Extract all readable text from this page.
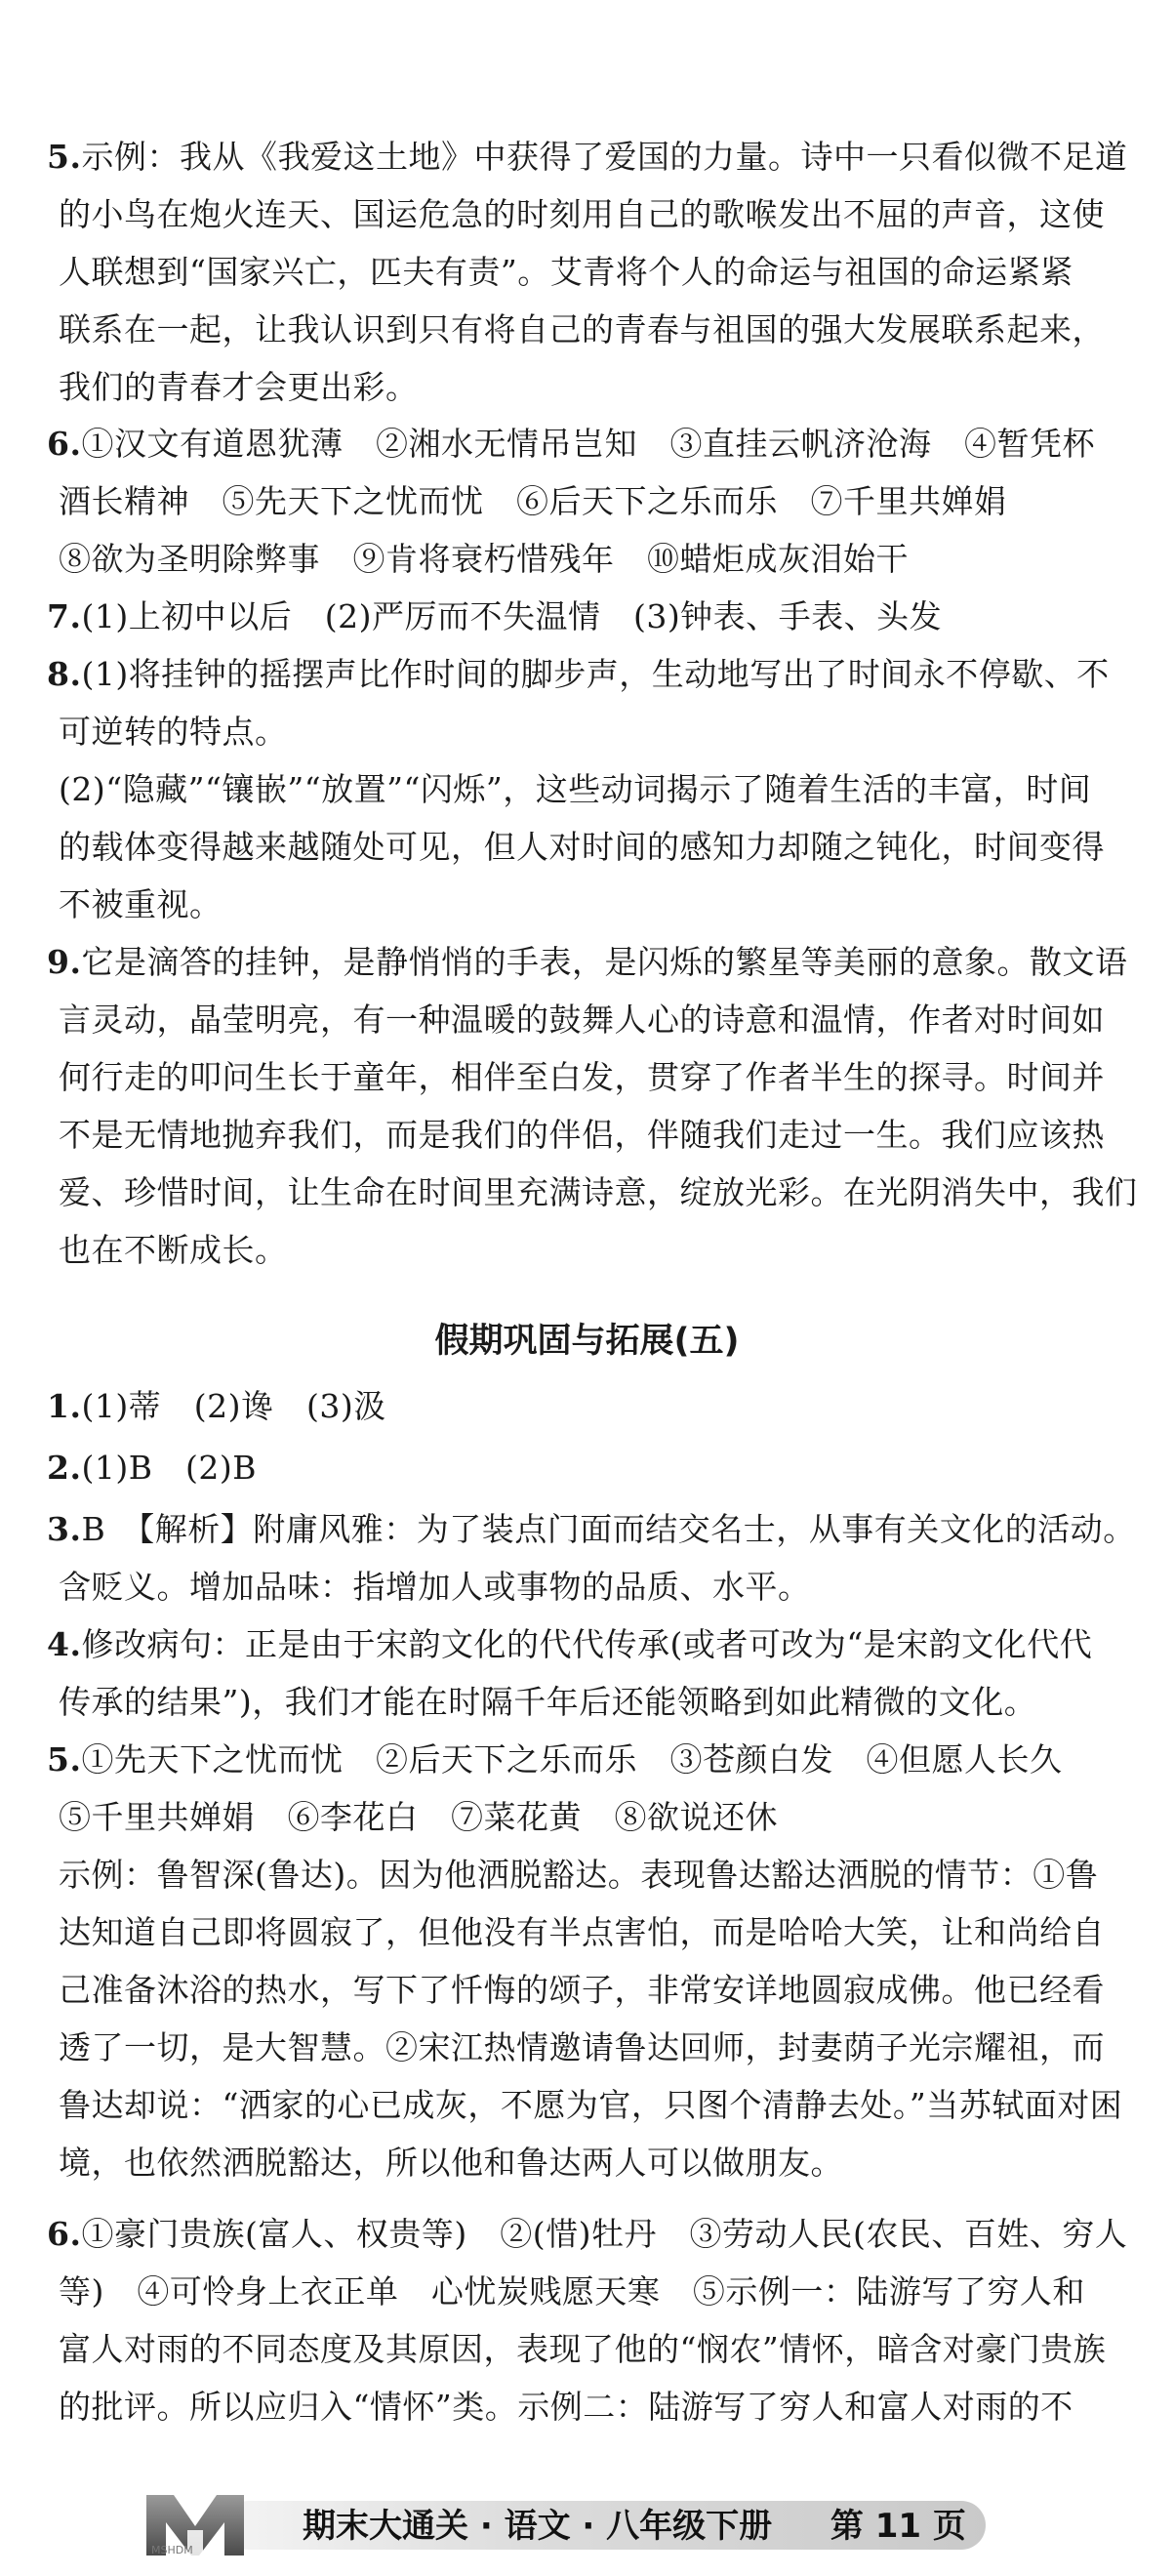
5.示例：我从《我爱这土地》中获得了爱国的力量。诗中一只看似微不足道
的小鸟在炮火连天、国运危急的时刻用自己的歌喉发出不屈的声音，这使
人联想到“国家兴亡，匹夫有责”。艾青将个人的命运与祖国的命运紧紧
联系在一起，让我认识到只有将自己的青春与祖国的强大发展联系起来，
我们的青春才会更出彩。
6.①汉文有道恩犹薄　②湘水无情吊岂知　③直挂云帆济沧海　④暂凭杯
酒长精神　⑤先天下之忧而忧　⑥后天下之乐而乐　⑦千里共婵娟
⑧欲为圣明除弊事　⑨肯将衰朽惜残年　⑩蜡炬成灰泪始干
7.(1)上初中以后　(2)严厉而不失温情　(3)钟表、手表、头发
8.(1)将挂钟的摇摆声比作时间的脚步声，生动地写出了时间永不停歇、不
可逆转的特点。
(2)“隐藏”“镶嵌”“放置”“闪烁”，这些动词揭示了随着生活的丰富，时间
的载体变得越来越随处可见，但人对时间的感知力却随之钝化，时间变得
不被重视。
9.它是滴答的挂钟，是静悄悄的手表，是闪烁的繁星等美丽的意象。散文语
言灵动，晶莹明亮，有一种温暖的鼓舞人心的诗意和温情，作者对时间如
何行走的叩问生长于童年，相伴至白发，贯穿了作者半生的探寻。时间并
不是无情地抛弃我们，而是我们的伴侣，伴随我们走过一生。我们应该热
爱、珍惜时间，让生命在时间里充满诗意，绽放光彩。在光阴消失中，我们
也在不断成长。
假期巩固与拓展(五)
1.(1)蒂　(2)谗　(3)汲
2.(1)B　(2)B
3.B　【解析】附庸风雅：为了装点门面而结交名士，从事有关文化的活动。
含贬义。增加品味：指增加人或事物的品质、水平。
4.修改病句：正是由于宋韵文化的代代传承(或者可改为“是宋韵文化代代
传承的结果”)，我们才能在时隔千年后还能领略到如此精微的文化。
5.①先天下之忧而忧　②后天下之乐而乐　③苍颜白发　④但愿人长久
⑤千里共婵娟　⑥李花白　⑦菜花黄　⑧欲说还休
示例：鲁智深(鲁达)。因为他洒脱豁达。表现鲁达豁达洒脱的情节：①鲁
达知道自己即将圆寂了，但他没有半点害怕，而是哈哈大笑，让和尚给自
己准备沐浴的热水，写下了忏悔的颂子，非常安详地圆寂成佛。他已经看
透了一切，是大智慧。②宋江热情邀请鲁达回师，封妻荫子光宗耀祖，而
鲁达却说：“洒家的心已成灰，不愿为官，只图个清静去处。”当苏轼面对困
境，也依然洒脱豁达，所以他和鲁达两人可以做朋友。
6.①豪门贵族(富人、权贵等)　②(惜)牡丹　③劳动人民(农民、百姓、穷人
等)　④可怜身上衣正单　心忧炭贱愿天寒　⑤示例一：陆游写了穷人和
富人对雨的不同态度及其原因，表现了他的“悯农”情怀，暗含对豪门贵族
的批评。所以应归入“情怀”类。示例二：陆游写了穷人和富人对雨的不
MSHDM
期末大通关 · 语文 · 八年级下册 第 11 页
